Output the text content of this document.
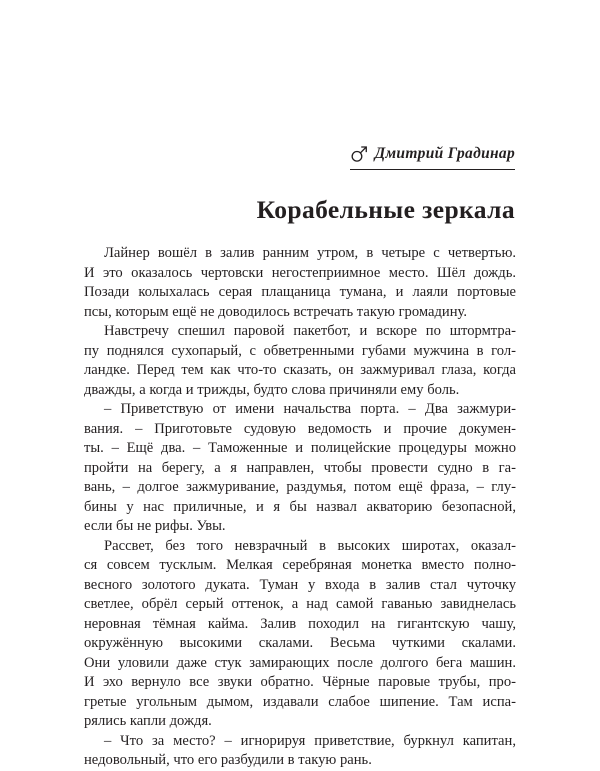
Дмитрий Градинар
Корабельные зеркала

Лайнер вошёл в залив ранним утром, в четыре с четвертью.

И это оказалось чертовски негостеприимное место. Шёл дождь.

Позади колыхалась серая плащаница тумана, и лаяли портовые

псы, которым ещё не доводилось встречать такую громадину.

Навстречу спешил паровой пакетбот, и вскоре по штормтра-

пу поднялся сухопарый, с обветренными губами мужчина в гол-

ландке. Перед тем как что-то сказать, он зажмуривал глаза, когда

дважды, а когда и трижды, будто слова причиняли ему боль.

– Приветствую от имени начальства порта. – Два зажмури-

вания. – Приготовьте судовую ведомость и прочие докумен-

ты. – Ещё два. – Таможенные и полицейские процедуры можно

пройти на берегу, а я направлен, чтобы провести судно в га-

вань, – долгое зажмуривание, раздумья, потом ещё фраза, – глу-

бины у нас приличные, и я бы назвал акваторию безопасной,

если бы не рифы. Увы.

Рассвет, без того невзрачный в высоких широтах, оказал-

ся совсем тусклым. Мелкая серебряная монетка вместо полно-

весного золотого дуката. Туман у входа в залив стал чуточку

светлее, обрёл серый оттенок, а над самой гаванью завиднелась

неровная тёмная кайма. Залив походил на гигантскую чашу,

окружённую высокими скалами. Весьма чуткими скалами.

Они уловили даже стук замирающих после долгого бега машин.

И эхо вернуло все звуки обратно. Чёрные паровые трубы, про-

гретые угольным дымом, издавали слабое шипение. Там испа-

рялись капли дождя.

– Что за место? – игнорируя приветствие, буркнул капитан,

недовольный, что его разбудили в такую рань.
